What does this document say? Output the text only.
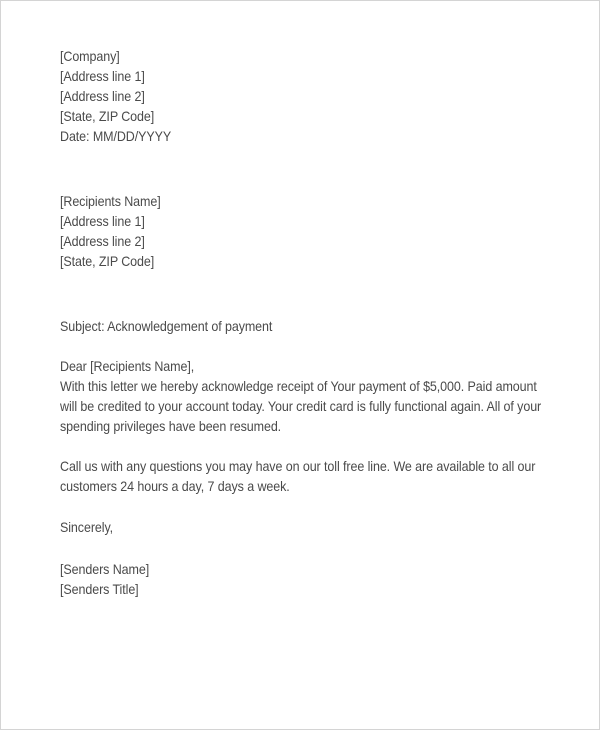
[Company]
[Address line 1]
[Address line 2]
[State, ZIP Code]
Date: MM/DD/YYYY
[Recipients Name]
[Address line 1]
[Address line 2]
[State, ZIP Code]
Subject: Acknowledgement of payment
Dear [Recipients Name],
With this letter we hereby acknowledge receipt of Your payment of $5,000. Paid amount
will be credited to your account today. Your credit card is fully functional again. All of your
spending privileges have been resumed.
Call us with any questions you may have on our toll free line. We are available to all our
customers 24 hours a day, 7 days a week.
Sincerely,
[Senders Name]
[Senders Title]
